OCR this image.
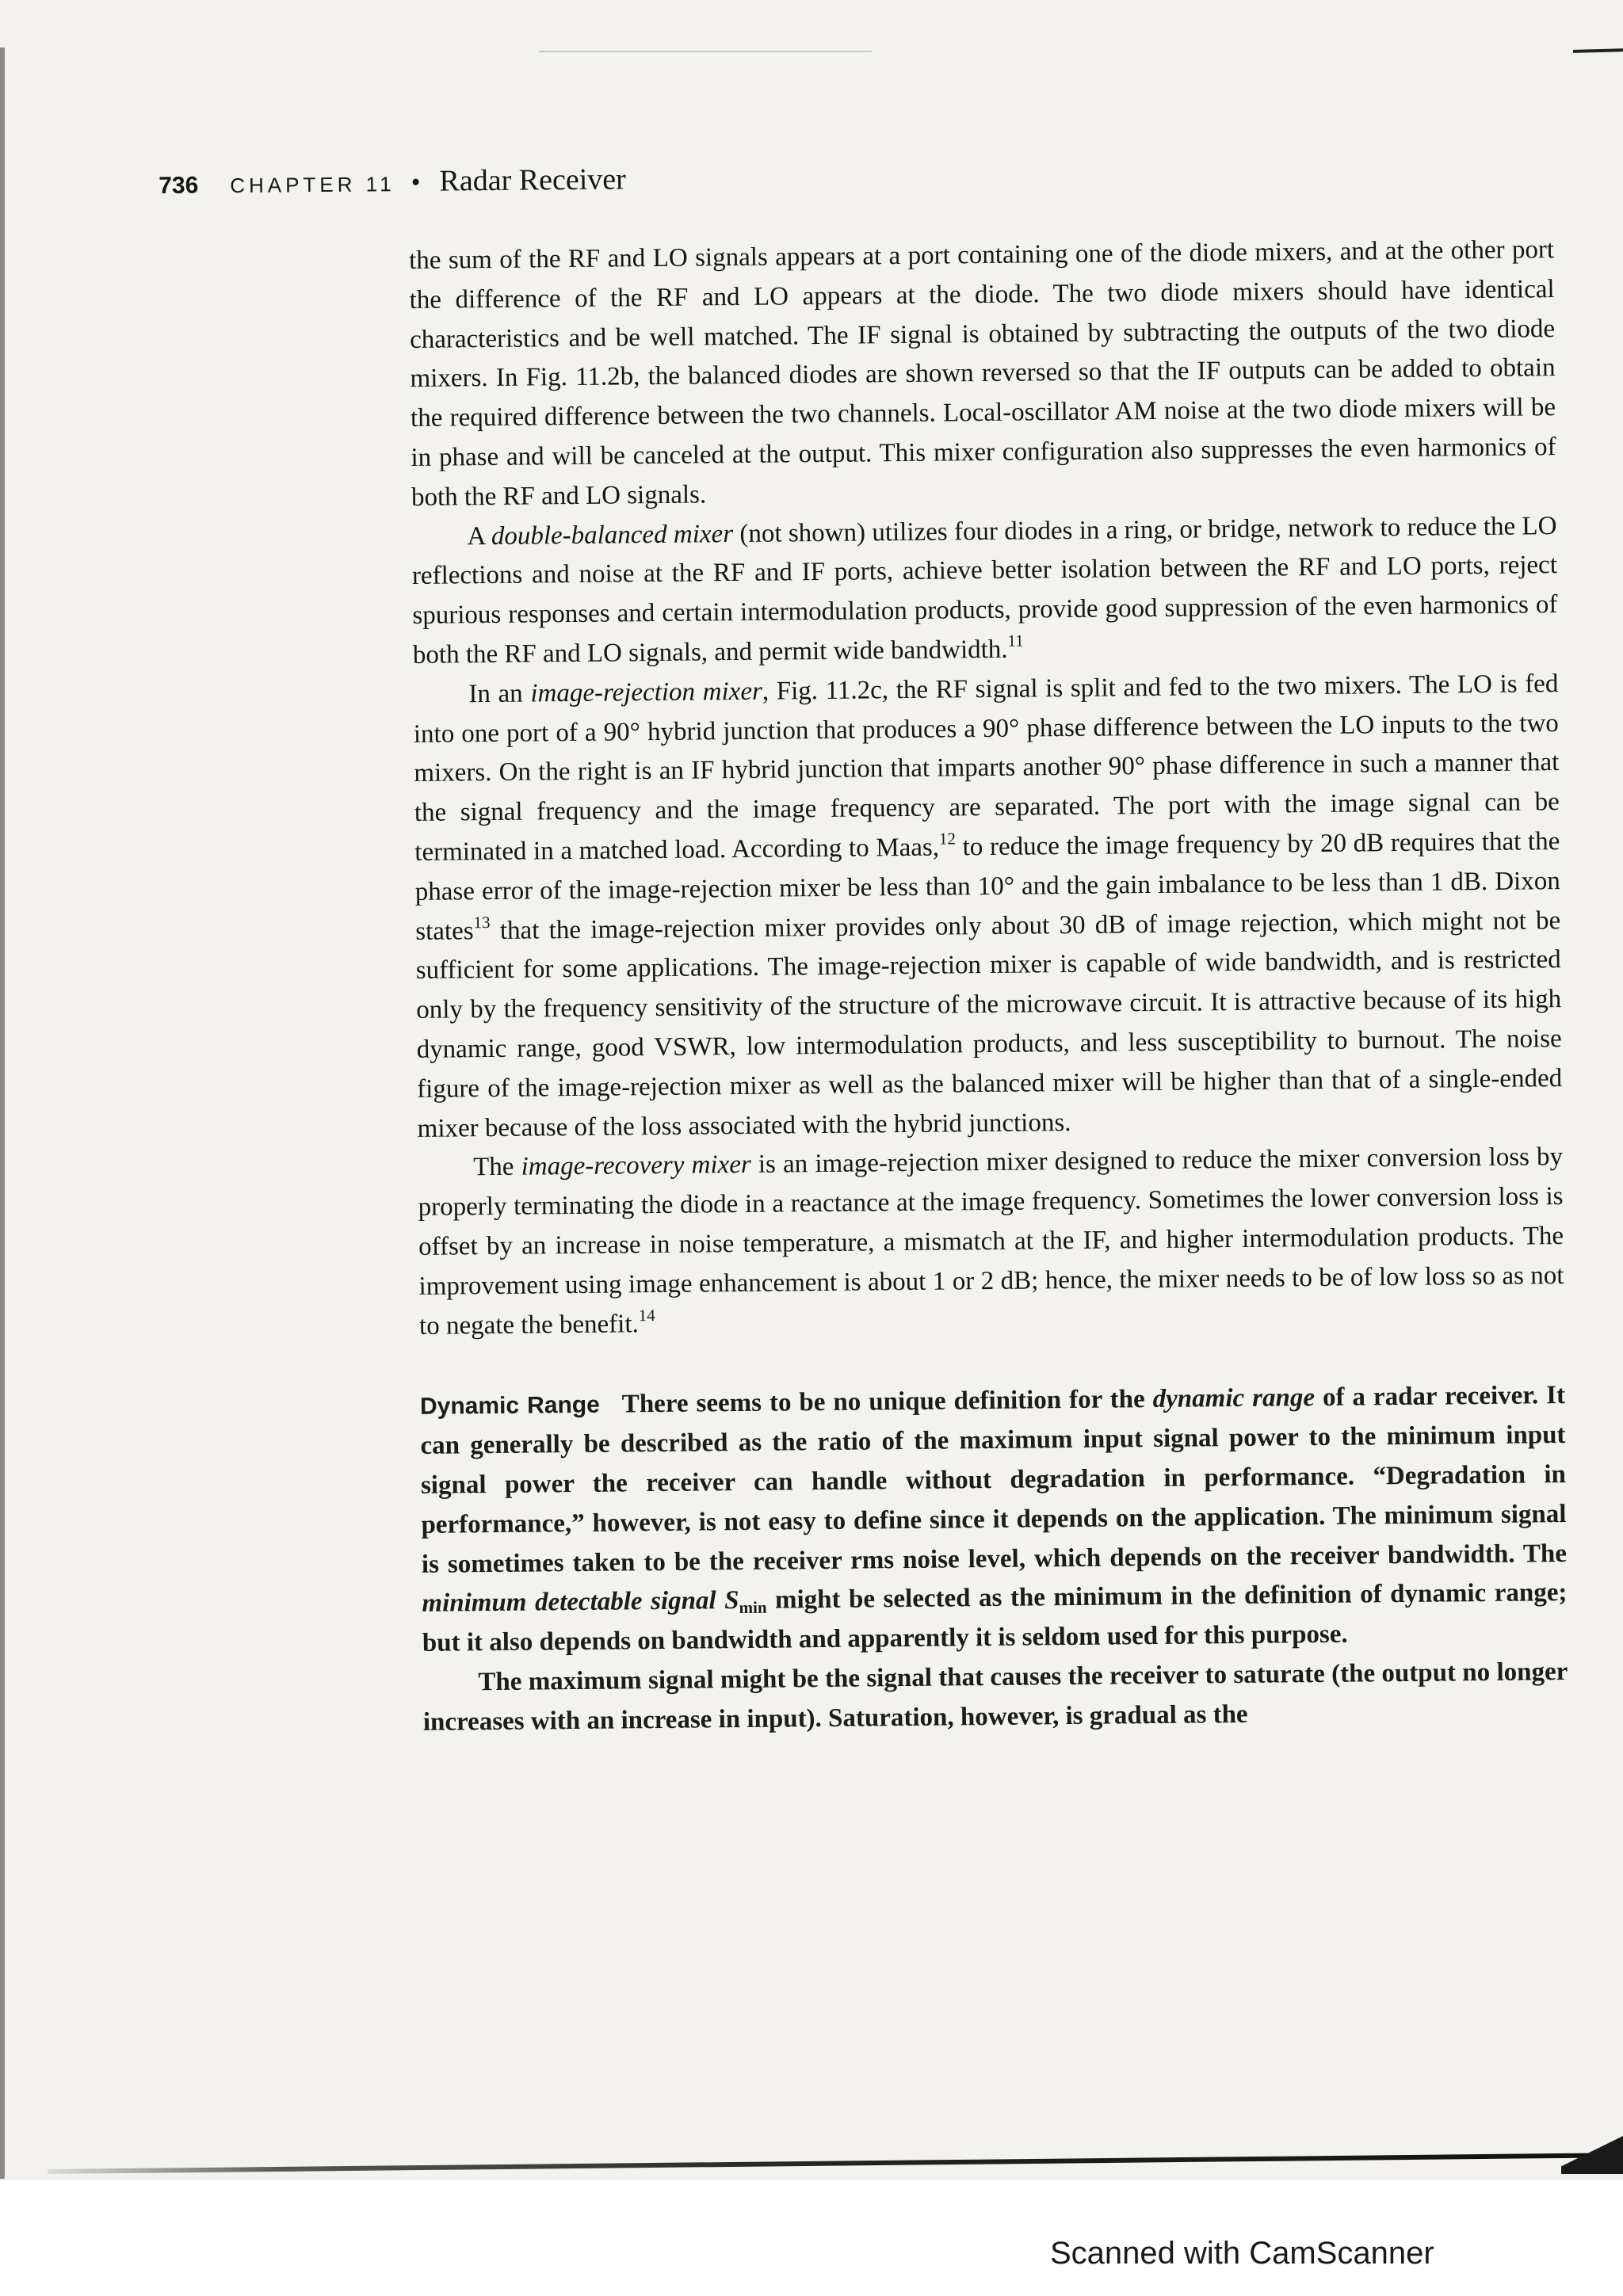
736 CHAPTER 11 • Radar Receiver

the sum of the RF and LO signals appears at a port containing one of the diode mixers, and at the other port the difference of the RF and LO appears at the diode. The two diode mixers should have identical characteristics and be well matched. The IF signal is obtained by subtracting the outputs of the two diode mixers. In Fig. 11.2b, the balanced diodes are shown reversed so that the IF outputs can be added to obtain the required difference between the two channels. Local-oscillator AM noise at the two diode mixers will be in phase and will be canceled at the output. This mixer configuration also suppresses the even harmonics of both the RF and LO signals.

A double-balanced mixer (not shown) utilizes four diodes in a ring, or bridge, network to reduce the LO reflections and noise at the RF and IF ports, achieve better isolation between the RF and LO ports, reject spurious responses and certain intermodulation products, provide good suppression of the even harmonics of both the RF and LO signals, and permit wide bandwidth.$^{11}$

In an image-rejection mixer, Fig. 11.2c, the RF signal is split and fed to the two mixers. The LO is fed into one port of a 90° hybrid junction that produces a 90° phase difference between the LO inputs to the two mixers. On the right is an IF hybrid junction that imparts another 90° phase difference in such a manner that the signal frequency and the image frequency are separated. The port with the image signal can be terminated in a matched load. According to Maas,$^{12}$ to reduce the image frequency by 20 dB requires that the phase error of the image-rejection mixer be less than 10° and the gain imbalance to be less than 1 dB. Dixon states$^{13}$ that the image-rejection mixer provides only about 30 dB of image rejection, which might not be sufficient for some applications. The image-rejection mixer is capable of wide bandwidth, and is restricted only by the frequency sensitivity of the structure of the microwave circuit. It is attractive because of its high dynamic range, good VSWR, low intermodulation products, and less susceptibility to burnout. The noise figure of the image-rejection mixer as well as the balanced mixer will be higher than that of a single-ended mixer because of the loss associated with the hybrid junctions.

The image-recovery mixer is an image-rejection mixer designed to reduce the mixer conversion loss by properly terminating the diode in a reactance at the image frequency. Sometimes the lower conversion loss is offset by an increase in noise temperature, a mismatch at the IF, and higher intermodulation products. The improvement using image enhancement is about 1 or 2 dB; hence, the mixer needs to be of low loss so as not to negate the benefit.$^{14}$

Dynamic Range There seems to be no unique definition for the dynamic range of a radar receiver. It can generally be described as the ratio of the maximum input signal power to the minimum input signal power the receiver can handle without degradation in performance. “Degradation in performance,” however, is not easy to define since it depends on the application. The minimum signal is sometimes taken to be the receiver rms noise level, which depends on the receiver bandwidth. The minimum detectable signal $S_{min}$ might be selected as the minimum in the definition of dynamic range; but it also depends on bandwidth and apparently it is seldom used for this purpose.

The maximum signal might be the signal that causes the receiver to saturate (the output no longer increases with an increase in input). Saturation, however, is gradual as the

Scanned with CamScanner
